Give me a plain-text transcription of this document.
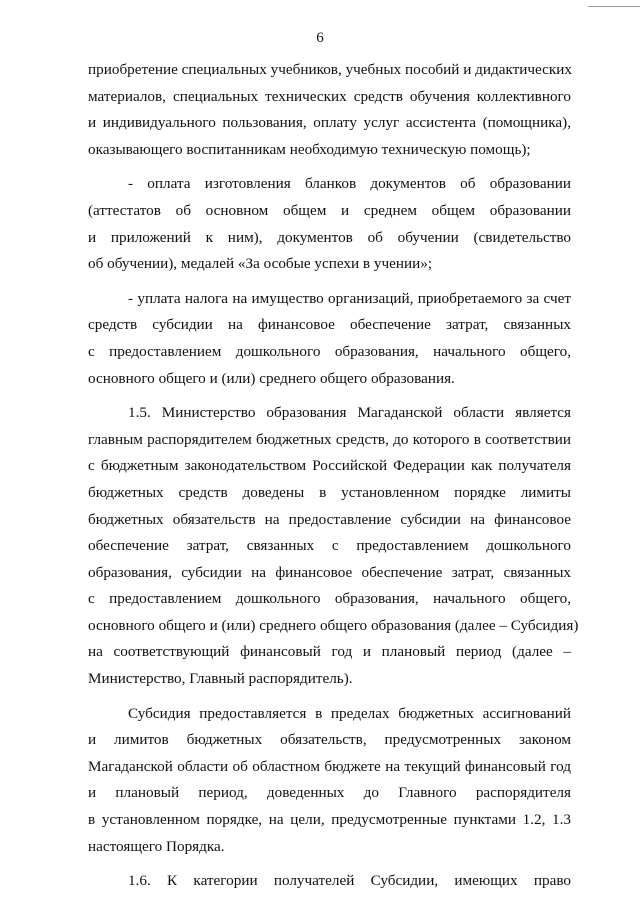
6
приобретение специальных учебников, учебных пособий и дидактических
материалов, специальных технических средств обучения коллективного
и индивидуального пользования, оплату услуг ассистента (помощника),
оказывающего воспитанникам необходимую техническую помощь);
- оплата изготовления бланков документов об образовании
(аттестатов об основном общем и среднем общем образовании
и приложений к ним), документов об обучении (свидетельство
об обучении), медалей «За особые успехи в учении»;
- уплата налога на имущество организаций, приобретаемого за счет
средств субсидии на финансовое обеспечение затрат, связанных
с предоставлением дошкольного образования, начального общего,
основного общего и (или) среднего общего образования.
1.5. Министерство образования Магаданской области является
главным распорядителем бюджетных средств, до которого в соответствии
с бюджетным законодательством Российской Федерации как получателя
бюджетных средств доведены в установленном порядке лимиты
бюджетных обязательств на предоставление субсидии на финансовое
обеспечение затрат, связанных с предоставлением дошкольного
образования, субсидии на финансовое обеспечение затрат, связанных
с предоставлением дошкольного образования, начального общего,
основного общего и (или) среднего общего образования (далее – Субсидия)
на соответствующий финансовый год и плановый период (далее –
Министерство, Главный распорядитель).
Субсидия предоставляется в пределах бюджетных ассигнований
и лимитов бюджетных обязательств, предусмотренных законом
Магаданской области об областном бюджете на текущий финансовый год
и плановый период, доведенных до Главного распорядителя
в установленном порядке, на цели, предусмотренные пунктами 1.2, 1.3
настоящего Порядка.
1.6. К категории получателей Субсидии, имеющих право
